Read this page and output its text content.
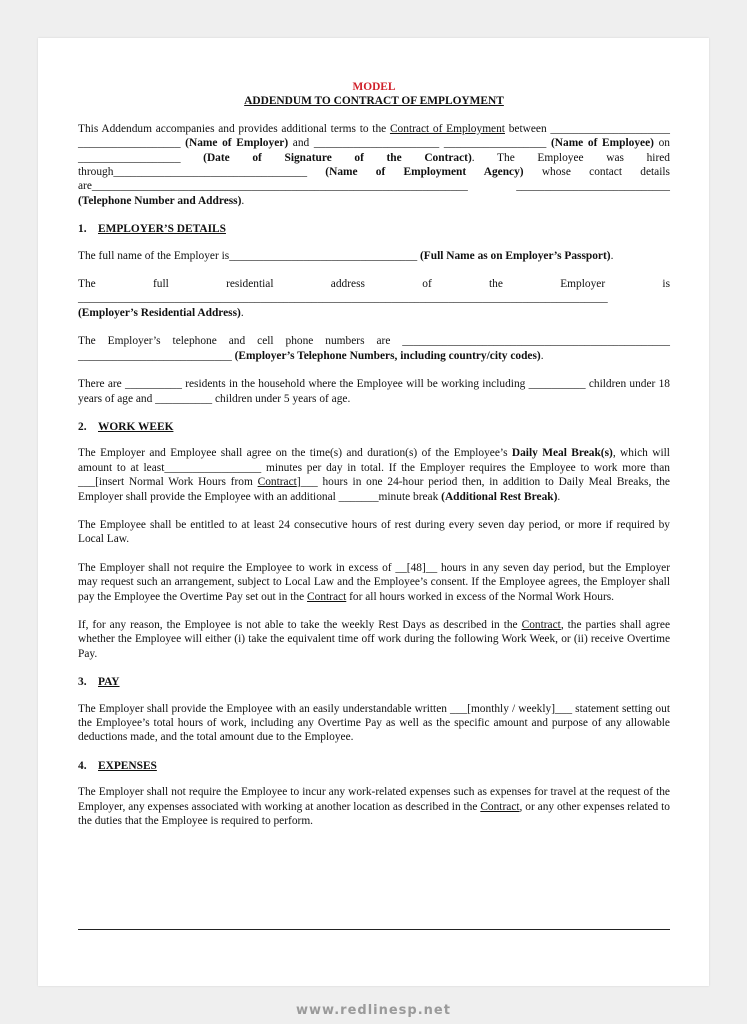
MODEL

ADDENDUM TO CONTRACT OF EMPLOYMENT

This Addendum accompanies and provides additional terms to the Contract of Employment between _____________________ __________________ (Name of Employer) and ______________________ __________________ (Name of Employee) on __________________ (Date of Signature of the Contract). The Employee was hired through__________________________________ (Name of Employment Agency) whose contact details are__________________________________________________________________ ___________________________ (Telephone Number and Address).

1. EMPLOYER’S DETAILS

The full name of the Employer is_________________________________ (Full Name as on Employer’s Passport).

The full residential address of the Employer is _____________________________________________________________________________________________ (Employer’s Residential Address).

The Employer’s telephone and cell phone numbers are _______________________________________________ ___________________________ (Employer’s Telephone Numbers, including country/city codes).

There are __________ residents in the household where the Employee will be working including __________ children under 18 years of age and __________ children under 5 years of age.

2. WORK WEEK

The Employer and Employee shall agree on the time(s) and duration(s) of the Employee’s Daily Meal Break(s), which will amount to at least_________________ minutes per day in total. If the Employer requires the Employee to work more than ___[insert Normal Work Hours from Contract]___ hours in one 24-hour period then, in addition to Daily Meal Breaks, the Employer shall provide the Employee with an additional _______minute break (Additional Rest Break).

The Employee shall be entitled to at least 24 consecutive hours of rest during every seven day period, or more if required by Local Law.

The Employer shall not require the Employee to work in excess of __[48]__ hours in any seven day period, but the Employer may request such an arrangement, subject to Local Law and the Employee’s consent. If the Employee agrees, the Employer shall pay the Employee the Overtime Pay set out in the Contract for all hours worked in excess of the Normal Work Hours.

If, for any reason, the Employee is not able to take the weekly Rest Days as described in the Contract, the parties shall agree whether the Employee will either (i) take the equivalent time off work during the following Work Week, or (ii) receive Overtime Pay.

3. PAY

The Employer shall provide the Employee with an easily understandable written ___[monthly / weekly]___ statement setting out the Employee’s total hours of work, including any Overtime Pay as well as the specific amount and purpose of any allowable deductions made, and the total amount due to the Employee.

4. EXPENSES

The Employer shall not require the Employee to incur any work-related expenses such as expenses for travel at the request of the Employer, any expenses associated with working at another location as described in the Contract, or any other expenses related to the duties that the Employee is required to perform.

www.redlinesp.net
